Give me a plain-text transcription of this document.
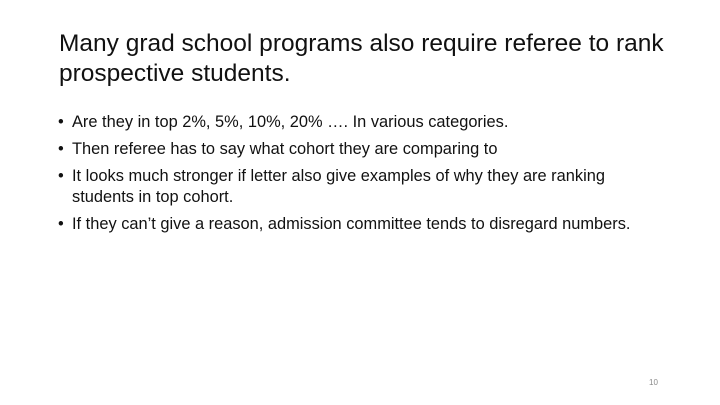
Many grad school programs also require referee to rank prospective students.
• Are they in top 2%, 5%, 10%, 20% …. In various categories.
• Then referee has to say what cohort they are comparing to
• It looks much stronger if letter also give examples of why they are ranking students in top cohort.
• If they can’t give a reason, admission committee tends to disregard numbers.
10
